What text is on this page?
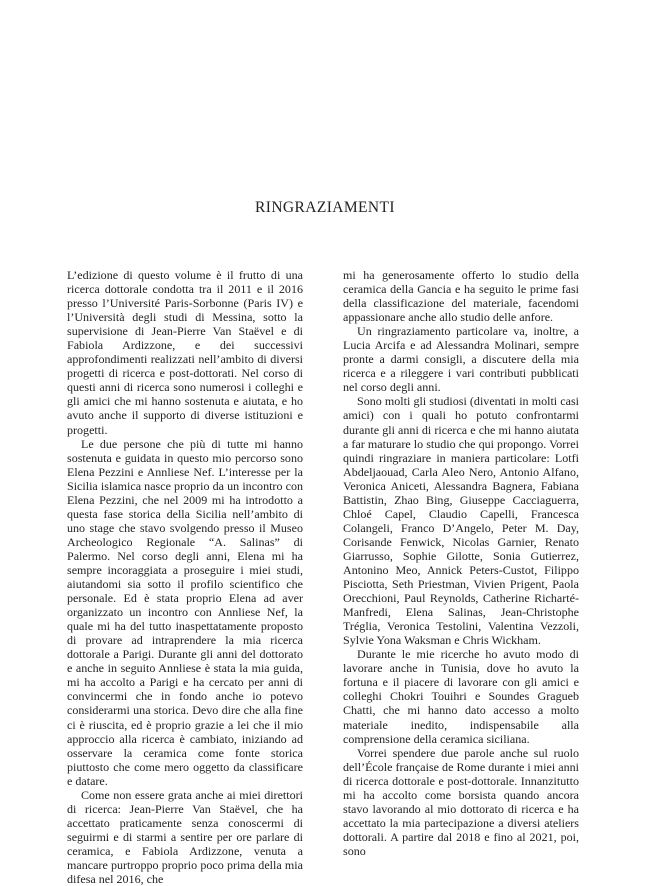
RINGRAZIAMENTI

L’edizione di questo volume è il frutto di una ricerca dottorale condotta tra il 2011 e il 2016 presso l’Université Paris-Sorbonne (Paris IV) e l’Università degli studi di Messina, sotto la supervisione di Jean-Pierre Van Staëvel e di Fabiola Ardizzone, e dei successivi approfondimenti realizzati nell’ambito di diversi progetti di ricerca e post-dottorati. Nel corso di questi anni di ricerca sono numerosi i colleghi e gli amici che mi hanno sostenuta e aiutata, e ho avuto anche il supporto di diverse istituzioni e progetti.

Le due persone che più di tutte mi hanno sostenuta e guidata in questo mio percorso sono Elena Pezzini e Annliese Nef. L’interesse per la Sicilia islamica nasce proprio da un incontro con Elena Pezzini, che nel 2009 mi ha introdotto a questa fase storica della Sicilia nell’ambito di uno stage che stavo svolgendo presso il Museo Archeologico Regionale “A. Salinas” di Palermo. Nel corso degli anni, Elena mi ha sempre incoraggiata a proseguire i miei studi, aiutandomi sia sotto il profilo scientifico che personale. Ed è stata proprio Elena ad aver organizzato un incontro con Annliese Nef, la quale mi ha del tutto inaspettatamente proposto di provare ad intraprendere la mia ricerca dottorale a Parigi. Durante gli anni del dottorato e anche in seguito Annliese è stata la mia guida, mi ha accolto a Parigi e ha cercato per anni di convincermi che in fondo anche io potevo considerarmi una storica. Devo dire che alla fine ci è riuscita, ed è proprio grazie a lei che il mio approccio alla ricerca è cambiato, iniziando ad osservare la ceramica come fonte storica piuttosto che come mero oggetto da classificare e datare.

Come non essere grata anche ai miei direttori di ricerca: Jean-Pierre Van Staëvel, che ha accettato praticamente senza conoscermi di seguirmi e di starmi a sentire per ore parlare di ceramica, e Fabiola Ardizzone, venuta a mancare purtroppo proprio poco prima della mia difesa nel 2016, che

mi ha generosamente offerto lo studio della ceramica della Gancia e ha seguito le prime fasi della classificazione del materiale, facendomi appassionare anche allo studio delle anfore.

Un ringraziamento particolare va, inoltre, a Lucia Arcifa e ad Alessandra Molinari, sempre pronte a darmi consigli, a discutere della mia ricerca e a rileggere i vari contributi pubblicati nel corso degli anni.

Sono molti gli studiosi (diventati in molti casi amici) con i quali ho potuto confrontarmi durante gli anni di ricerca e che mi hanno aiutata a far maturare lo studio che qui propongo. Vorrei quindi ringraziare in maniera particolare: Lotfi Abdeljaouad, Carla Aleo Nero, Antonio Alfano, Veronica Aniceti, Alessandra Bagnera, Fabiana Battistin, Zhao Bing, Giuseppe Cacciaguerra, Chloé Capel, Claudio Capelli, Francesca Colangeli, Franco D’Angelo, Peter M. Day, Corisande Fenwick, Nicolas Garnier, Renato Giarrusso, Sophie Gilotte, Sonia Gutierrez, Antonino Meo, Annick Peters-Custot, Filippo Pisciotta, Seth Priestman, Vivien Prigent, Paola Orecchioni, Paul Reynolds, Catherine Richarté-Manfredi, Elena Salinas, Jean-Christophe Tréglia, Veronica Testolini, Valentina Vezzoli, Sylvie Yona Waksman e Chris Wickham.

Durante le mie ricerche ho avuto modo di lavorare anche in Tunisia, dove ho avuto la fortuna e il piacere di lavorare con gli amici e colleghi Chokri Touihri e Soundes Gragueb Chatti, che mi hanno dato accesso a molto materiale inedito, indispensabile alla comprensione della ceramica siciliana.

Vorrei spendere due parole anche sul ruolo dell’École française de Rome durante i miei anni di ricerca dottorale e post-dottorale. Innanzitutto mi ha accolto come borsista quando ancora stavo lavorando al mio dottorato di ricerca e ha accettato la mia partecipazione a diversi ateliers dottorali. A partire dal 2018 e fino al 2021, poi, sono
